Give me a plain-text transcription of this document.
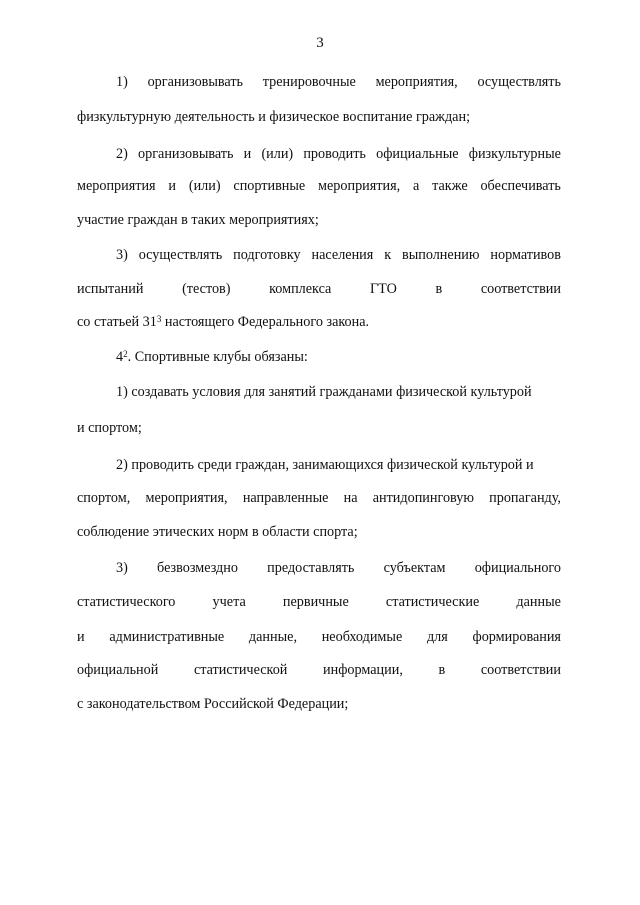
3
1) организовывать тренировочные мероприятия, осуществлять
физкультурную деятельность и физическое воспитание граждан;
2) организовывать и (или) проводить официальные физкультурные
мероприятия и (или) спортивные мероприятия, а также обеспечивать
участие граждан в таких мероприятиях;
3) осуществлять подготовку населения к выполнению нормативов
испытаний	(тестов)	комплекса	ГТО	в	соответствии
со статьей $31^3$ настоящего Федерального закона.
$4^2$. Спортивные клубы обязаны:
1) создавать условия для занятий гражданами физической культурой
и спортом;
2) проводить среди граждан, занимающихся физической культурой и
спортом, мероприятия, направленные на антидопинговую пропаганду,
соблюдение этических норм в области спорта;
3) безвозмездно предоставлять субъектам официального
статистического	учета	первичные	статистические	данные
и административные данные, необходимые для формирования
официальной	статистической	информации,	в	соответствии
с законодательством Российской Федерации;
